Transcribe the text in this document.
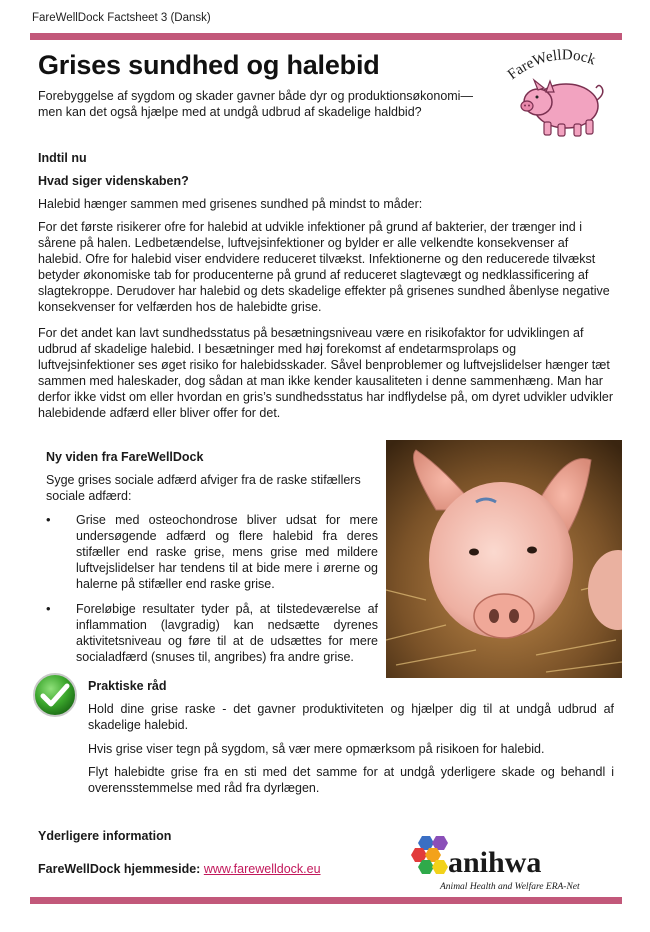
FareWellDock Factsheet 3 (Dansk)
Grises sundhed og halebid
Forebyggelse af sygdom og skader gavner både dyr og produktionsøkonomi— men kan det også hjælpe med at undgå udbrud af skadelige haldbid?
FareWellDock
Indtil nu
Hvad siger videnskaben?
Halebid hænger sammen med grisenes sundhed på mindst to måder:
For det første risikerer ofre for halebid at udvikle infektioner på grund af bakterier, der trænger ind i sårene på halen. Ledbetændelse, luftvejsinfektioner og bylder er alle velkendte konsekvenser af halebid. Ofre for halebid viser endvidere reduceret tilvækst. Infektionerne og den reducerede tilvækst betyder økonomiske tab for producenterne på grund af reduceret slagtevægt og nedklassificering af slagtekroppe. Derudover har halebid og dets skadelige effekter på grisenes sundhed åbenlyse negative konsekvenser for velfærden hos de halebidte grise.
For det andet kan lavt sundhedsstatus på besætningsniveau være en risikofaktor for udviklingen af udbrud af skadelige halebid. I besætninger med høj forekomst af endetarmsprolaps og luftvejsinfektioner ses øget risiko for halebidsskader. Såvel benproblemer og luftvejslidelser hænger tæt sammen med haleskader, dog sådan at man ikke kender kausaliteten i denne sammenhæng. Man har derfor ikke vidst om eller hvordan en gris’s sundhedsstatus har indflydelse på, om dyret udvikler udvikler halebidende adfærd eller bliver offer for det.
Ny viden fra FareWellDock
Syge grises sociale adfærd afviger fra de raske stifællers sociale adfærd:
•	Grise med osteochondrose bliver udsat for mere undersøgende adfærd og flere halebid fra deres stifæller end raske grise, mens grise med mildere luftvejslidelser har tendens til at bide mere i ørerne og halerne på stifæller end raske grise.
•	Foreløbige resultater tyder på, at tilstedeværelse af inflammation (lavgradig) kan nedsætte dyrenes aktivitetsniveau og føre til at de udsættes for mere socialadfærd (snuses til, angribes) fra andre grise.
Praktiske råd
Hold dine grise raske - det gavner produktiviteten og hjælper dig til at undgå udbrud af skadelige halebid.
Hvis grise viser tegn på sygdom, så vær mere opmærksom på risikoen for halebid.
Flyt halebidte grise fra en sti med det samme for at undgå yderligere skade og behandl i overensstemmelse med råd fra dyrlægen.
Yderligere information
FareWellDock hjemmeside: www.farewelldock.eu	anihwa
Animal Health and Welfare ERA-Net
